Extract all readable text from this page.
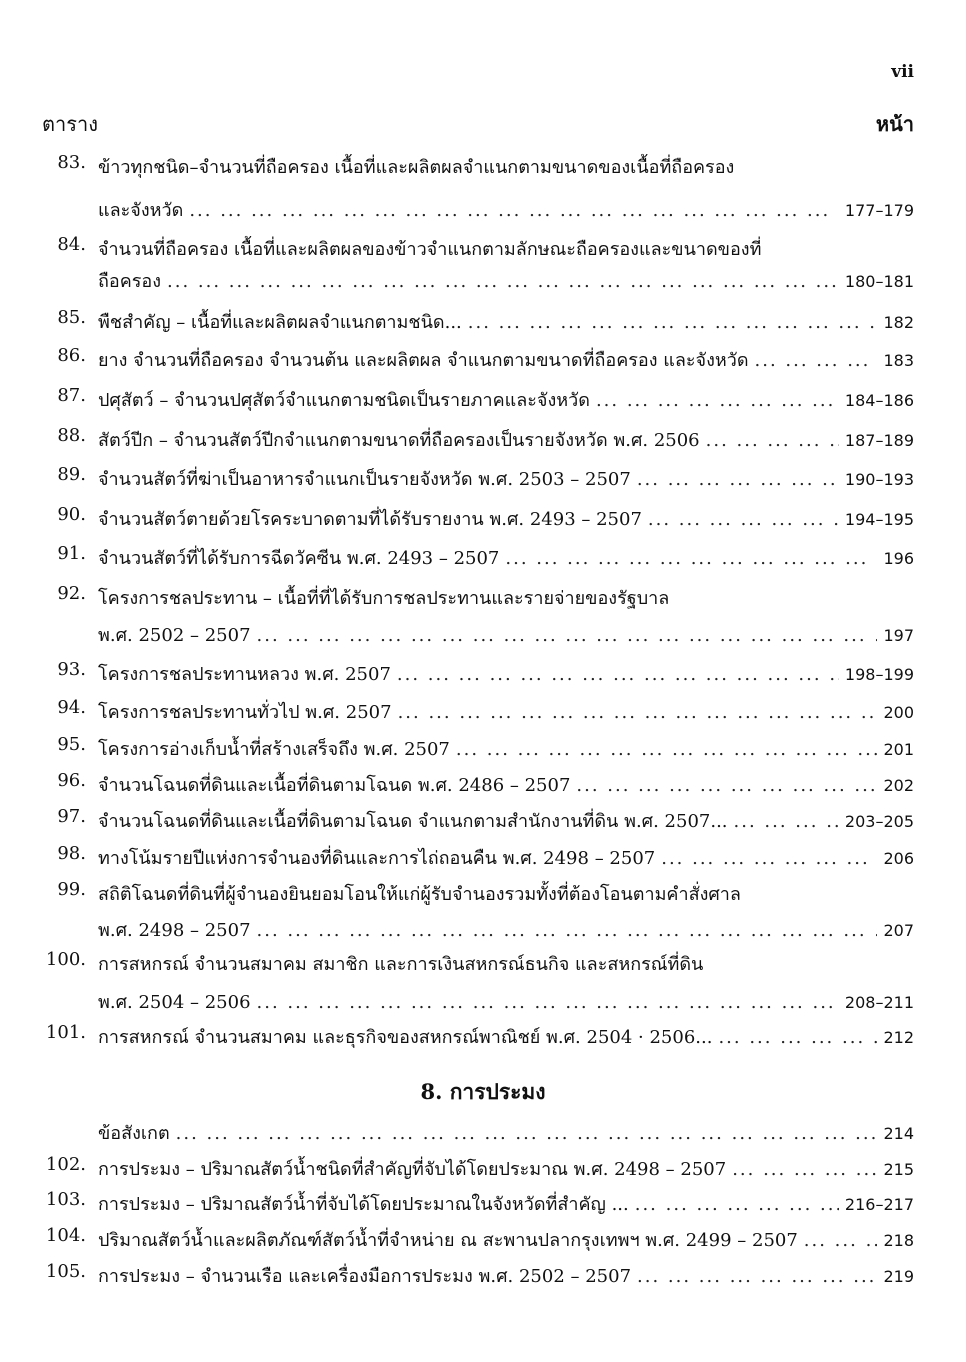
vii
ตาราง	หน้า
83. ข้าวทุกชนิด–จำนวนที่ถือครอง เนื้อที่และผลิตผลจำแนกตามขนาดของเนื้อที่ถือครอง
และจังหวัด ... .	177–179
84. จำนวนที่ถือครอง เนื้อที่และผลิตผลของข้าวจำแนกตามลักษณะถือครองและขนาดของที่
ถือครอง ... .	180–181
85. พืชสำคัญ – เนื้อที่และผลิตผลจำแนกตามชนิด... ... .	182
86. ยาง จำนวนที่ถือครอง จำนวนต้น และผลิตผล จำแนกตามขนาดที่ถือครอง และจังหวัด ... .	183
87. ปศุสัตว์ – จำนวนปศุสัตว์จำแนกตามชนิดเป็นรายภาคและจังหวัด ... .	184–186
88. สัตว์ปีก – จำนวนสัตว์ปีกจำแนกตามขนาดที่ถือครองเป็นรายจังหวัด พ.ศ. 2506 ... .	187–189
89. จำนวนสัตว์ที่ฆ่าเป็นอาหารจำแนกเป็นรายจังหวัด พ.ศ. 2503 – 2507 ... .	190–193
90. จำนวนสัตว์ตายด้วยโรคระบาดตามที่ได้รับรายงาน พ.ศ. 2493 – 2507 ... .	194–195
91. จำนวนสัตว์ที่ได้รับการฉีดวัคซีน พ.ศ. 2493 – 2507 ... .	196
92. โครงการชลประทาน – เนื้อที่ที่ได้รับการชลประทานและรายจ่ายของรัฐบาล
พ.ศ. 2502 – 2507 ... .	197
93. โครงการชลประทานหลวง พ.ศ. 2507 ... .	198–199
94. โครงการชลประทานทั่วไป พ.ศ. 2507 ... .	200
95. โครงการอ่างเก็บน้ำที่สร้างเสร็จถึง พ.ศ. 2507 ... .	201
96. จำนวนโฉนดที่ดินและเนื้อที่ดินตามโฉนด พ.ศ. 2486 – 2507 ... .	202
97. จำนวนโฉนดที่ดินและเนื้อที่ดินตามโฉนด จำแนกตามสำนักงานที่ดิน พ.ศ. 2507... ... .	203–205
98. ทางโน้มรายปีแห่งการจำนองที่ดินและการไถ่ถอนคืน พ.ศ. 2498 – 2507 ... .	206
99. สถิติโฉนดที่ดินที่ผู้จำนองยินยอมโอนให้แก่ผู้รับจำนองรวมทั้งที่ต้องโอนตามคำสั่งศาล
พ.ศ. 2498 – 2507 ... .	207
100. การสหกรณ์ จำนวนสมาคม สมาชิก และการเงินสหกรณ์ธนกิจ และสหกรณ์ที่ดิน
พ.ศ. 2504 – 2506 ... .	208–211
101. การสหกรณ์ จำนวนสมาคม และธุรกิจของสหกรณ์พาณิชย์ พ.ศ. 2504 · 2506... ... .	212
8. การประมง
ข้อสังเกต ... .	214
102. การประมง – ปริมาณสัตว์น้ำชนิดที่สำคัญที่จับได้โดยประมาณ พ.ศ. 2498 – 2507 ... .	215
103. การประมง – ปริมาณสัตว์น้ำที่จับได้โดยประมาณในจังหวัดที่สำคัญ ... ... .	216–217
104. ปริมาณสัตว์น้ำและผลิตภัณฑ์สัตว์น้ำที่จำหน่าย ณ สะพานปลากรุงเทพฯ พ.ศ. 2499 – 2507 ... .	218
105. การประมง – จำนวนเรือ และเครื่องมือการประมง พ.ศ. 2502 – 2507 ... .	219
